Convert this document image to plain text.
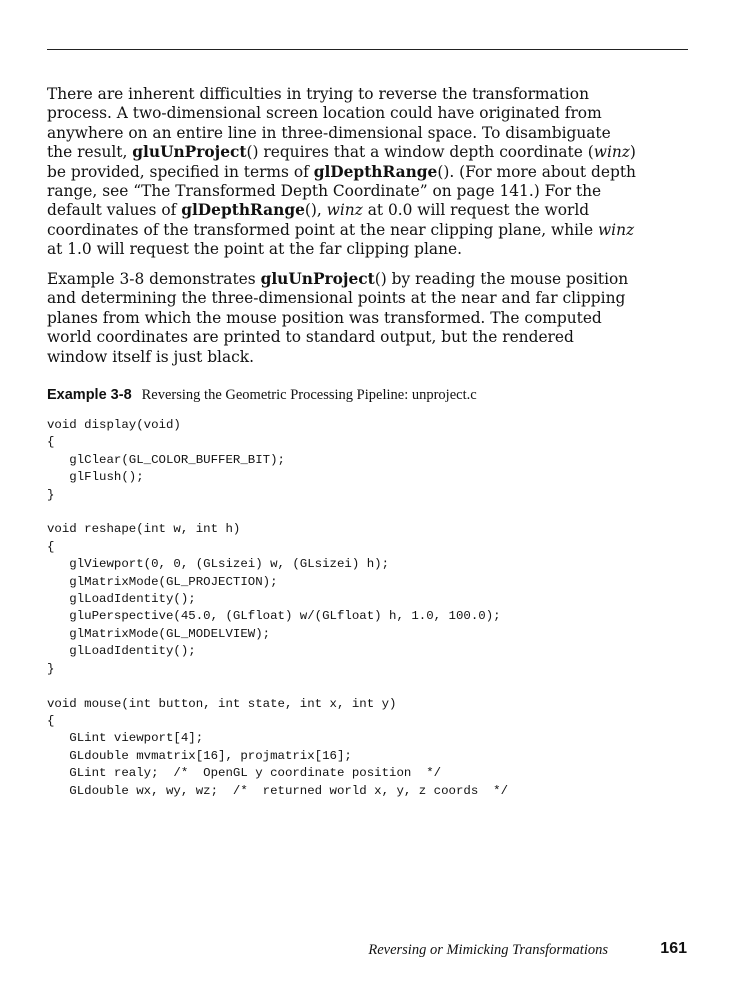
There are inherent difficulties in trying to reverse the transformation process. A two-dimensional screen location could have originated from anywhere on an entire line in three-dimensional space. To disambiguate the result, gluUnProject() requires that a window depth coordinate (winz) be provided, specified in terms of glDepthRange(). (For more about depth range, see “The Transformed Depth Coordinate” on page 141.) For the default values of glDepthRange(), winz at 0.0 will request the world coordinates of the transformed point at the near clipping plane, while winz at 1.0 will request the point at the far clipping plane.

Example 3-8 demonstrates gluUnProject() by reading the mouse position and determining the three-dimensional points at the near and far clipping planes from which the mouse position was transformed. The computed world coordinates are printed to standard output, but the rendered window itself is just black.

Example 3-8 Reversing the Geometric Processing Pipeline: unproject.c
void display(void)
{
glClear(GL_COLOR_BUFFER_BIT);
glFlush();
}

void reshape(int w, int h)
{
glViewport(0, 0, (GLsizei) w, (GLsizei) h);
glMatrixMode(GL_PROJECTION);
glLoadIdentity();
gluPerspective(45.0, (GLfloat) w/(GLfloat) h, 1.0, 100.0);
glMatrixMode(GL_MODELVIEW);
glLoadIdentity();
}

void mouse(int button, int state, int x, int y)
{
GLint viewport[4];
GLdouble mvmatrix[16], projmatrix[16];
GLint realy;  /*  OpenGL y coordinate position  */
GLdouble wx, wy, wz;  /*  returned world x, y, z coords  */
Reversing or Mimicking Transformations	161
